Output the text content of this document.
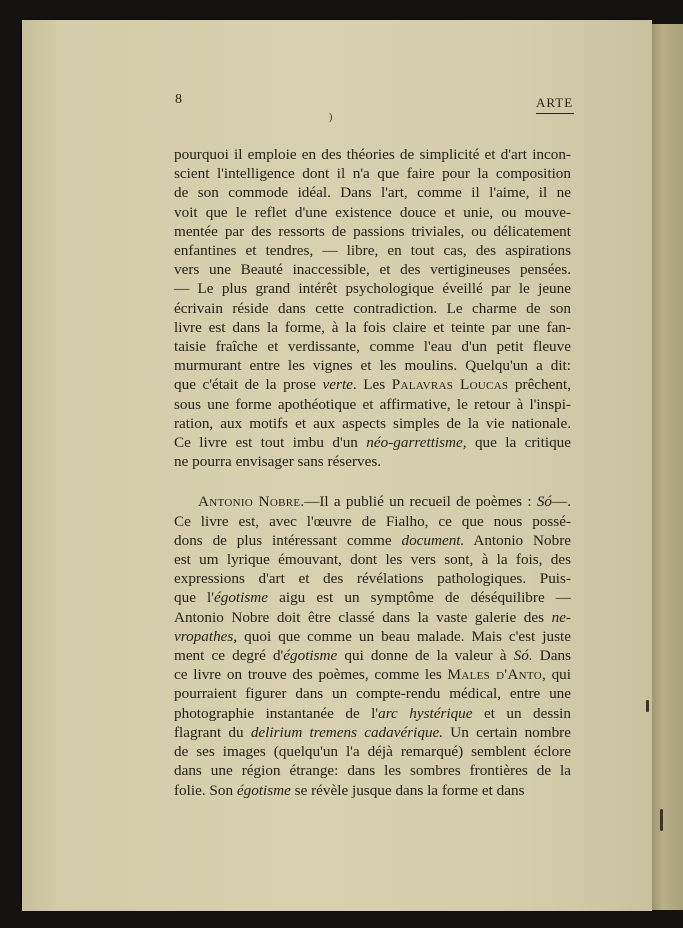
8	ARTE
)

pourquoi il emploie en des théories de simplicité et d'art incon-
scient l'intelligence dont il n'a que faire pour la composition
de son commode idéal. Dans l'art, comme il l'aime, il ne
voit que le reflet d'une existence douce et unie, ou mouve-
mentée par des ressorts de passions triviales, ou délicatement
enfantines et tendres, — libre, en tout cas, des aspirations
vers une Beauté inaccessible, et des vertigineuses pensées.
— Le plus grand intérêt psychologique éveillé par le jeune
écrivain réside dans cette contradiction. Le charme de son
livre est dans la forme, à la fois claire et teinte par une fan-
taisie fraîche et verdissante, comme l'eau d'un petit fleuve
murmurant entre les vignes et les moulins. Quelqu'un a dit:
que c'était de la prose verte. Les Palavras Loucas prêchent,
sous une forme apothéotique et affirmative, le retour à l'inspi-
ration, aux motifs et aux aspects simples de la vie nationale.
Ce livre est tout imbu d'un néo-garrettisme, que la critique
ne pourra envisager sans réserves.

Antonio Nobre.—Il a publié un recueil de poèmes : Só—.
Ce livre est, avec l'œuvre de Fialho, ce que nous possé-
dons de plus intéressant comme document. Antonio Nobre
est um lyrique émouvant, dont les vers sont, à la fois, des
expressions d'art et des révélations pathologiques. Puis-
que l'égotisme aigu est un symptôme de déséquilibre —
Antonio Nobre doit être classé dans la vaste galerie des ne-
vropathes, quoi que comme un beau malade. Mais c'est juste
ment ce degré d'égotisme qui donne de la valeur à Só. Dans
ce livre on trouve des poèmes, comme les Males d'Anto, qui
pourraient figurer dans un compte-rendu médical, entre une
photographie instantanée de l'arc hystérique et un dessin
flagrant du delirium tremens cadavérique. Un certain nombre
de ses images (quelqu'un l'a déjà remarqué) semblent éclore
dans une région étrange: dans les sombres frontières de la
folie. Son égotisme se révèle jusque dans la forme et dans
